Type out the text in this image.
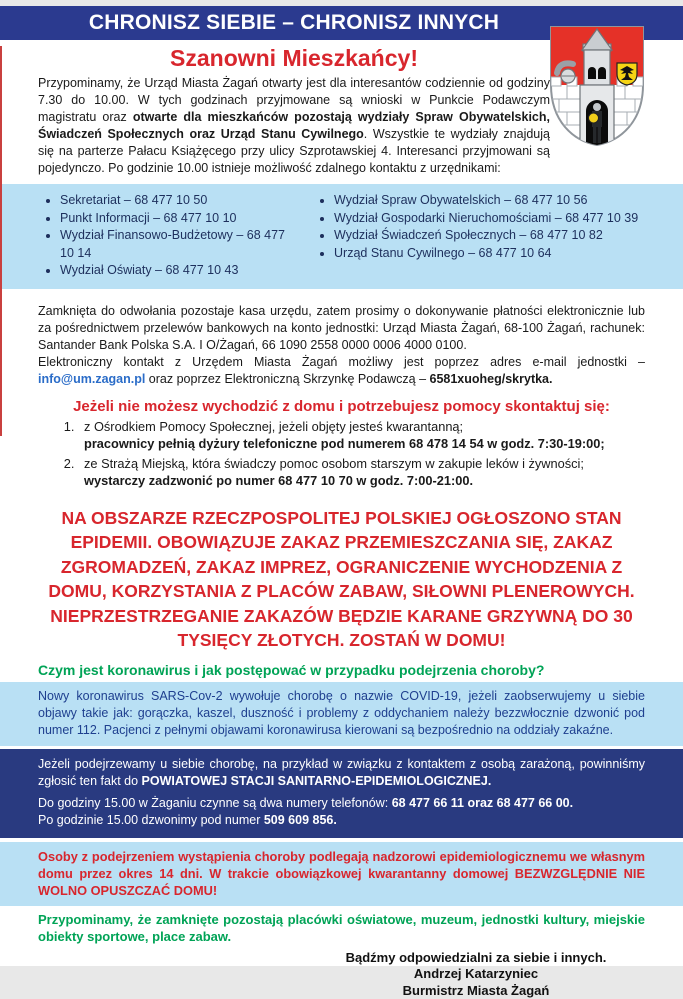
CHRONISZ SIEBIE – CHRONISZ INNYCH
Szanowni Mieszkańcy!

Przypominamy, że Urząd Miasta Żagań otwarty jest dla interesantów codziennie od godziny 7.30 do 10.00. W tych godzinach przyjmowane są wnioski w Punkcie Podawczym magistratu oraz otwarte dla mieszkańców pozostają wydziały Spraw Obywatelskich, Świadczeń Społecznych oraz Urząd Stanu Cywilnego. Wszystkie te wydziały znajdują się na parterze Pałacu Książęcego przy ulicy Szprotawskiej 4. Interesanci przyjmowani są pojedynczo. Po godzinie 10.00 istnieje możliwość zdalnego kontaktu z urzędnikami:

• Sekretariat – 68 477 10 50
• Punkt Informacji – 68 477 10 10
• Wydział Finansowo-Budżetowy – 68 477 10 14
• Wydział Oświaty – 68 477 10 43
• Wydział Spraw Obywatelskich – 68 477 10 56
• Wydział Gospodarki Nieruchomościami – 68 477 10 39
• Wydział Świadczeń Społecznych – 68 477 10 82
• Urząd Stanu Cywilnego – 68 477 10 64

Zamknięta do odwołania pozostaje kasa urzędu, zatem prosimy o dokonywanie płatności elektronicznie lub za pośrednictwem przelewów bankowych na konto jednostki: Urząd Miasta Żagań, 68-100 Żagań, rachunek: Santander Bank Polska S.A. I O/Żagań, 66 1090 2558 0000 0006 4000 0100.

Elektroniczny kontakt z Urzędem Miasta Żagań możliwy jest poprzez adres e-mail jednostki – info@um.zagan.pl oraz poprzez Elektroniczną Skrzynkę Podawczą – 6581xuoheg/skrytka.

Jeżeli nie możesz wychodzić z domu i potrzebujesz pomocy skontaktuj się:
1. z Ośrodkiem Pomocy Społecznej, jeżeli objęty jesteś kwarantanną;
pracownicy pełnią dyżury telefoniczne pod numerem 68 478 14 54 w godz. 7:30-19:00;
2. ze Strażą Miejską, która świadczy pomoc osobom starszym w zakupie leków i żywności;
wystarczy zadzwonić po numer 68 477 10 70 w godz. 7:00-21:00.
NA OBSZARZE RZECZPOSPOLITEJ POLSKIEJ OGŁOSZONO STAN EPIDEMII. OBOWIĄZUJE ZAKAZ PRZEMIESZCZANIA SIĘ, ZAKAZ ZGROMADZEŃ, ZAKAZ IMPREZ, OGRANICZENIE WYCHODZENIA Z DOMU, KORZYSTANIA Z PLACÓW ZABAW, SIŁOWNI PLENEROWYCH. NIEPRZESTRZEGANIE ZAKAZÓW BĘDZIE KARANE GRZYWNĄ DO 30 TYSIĘCY ZŁOTYCH. ZOSTAŃ W DOMU!
Czym jest koronawirus i jak postępować w przypadku podejrzenia choroby?

Nowy koronawirus SARS-Cov-2 wywołuje chorobę o nazwie COVID-19, jeżeli zaobserwujemy u siebie objawy takie jak: gorączka, kaszel, duszność i problemy z oddychaniem należy bezzwłocznie dzwonić pod numer 112. Pacjenci z pełnymi objawami koronawirusa kierowani są bezpośrednio na oddziały zakaźne.

Jeżeli podejrzewamy u siebie chorobę, na przykład w związku z kontaktem z osobą zarażoną, powinniśmy zgłosić ten fakt do POWIATOWEJ STACJI SANITARNO-EPIDEMIOLOGICZNEJ.

Do godziny 15.00 w Żaganiu czynne są dwa numery telefonów: 68 477 66 11 oraz 68 477 66 00.

Po godzinie 15.00 dzwonimy pod numer 509 609 856.

Osoby z podejrzeniem wystąpienia choroby podlegają nadzorowi epidemiologicznemu we własnym domu przez okres 14 dni. W trakcie obowiązkowej kwarantanny domowej BEZWZGLĘDNIE NIE WOLNO OPUSZCZAĆ DOMU!

Przypominamy, że zamknięte pozostają placówki oświatowe, muzeum, jednostki kultury, miejskie obiekty sportowe, place zabaw.

Bądźmy odpowiedzialni za siebie i innych.
Andrzej Katarzyniec
Burmistrz Miasta Żagań
